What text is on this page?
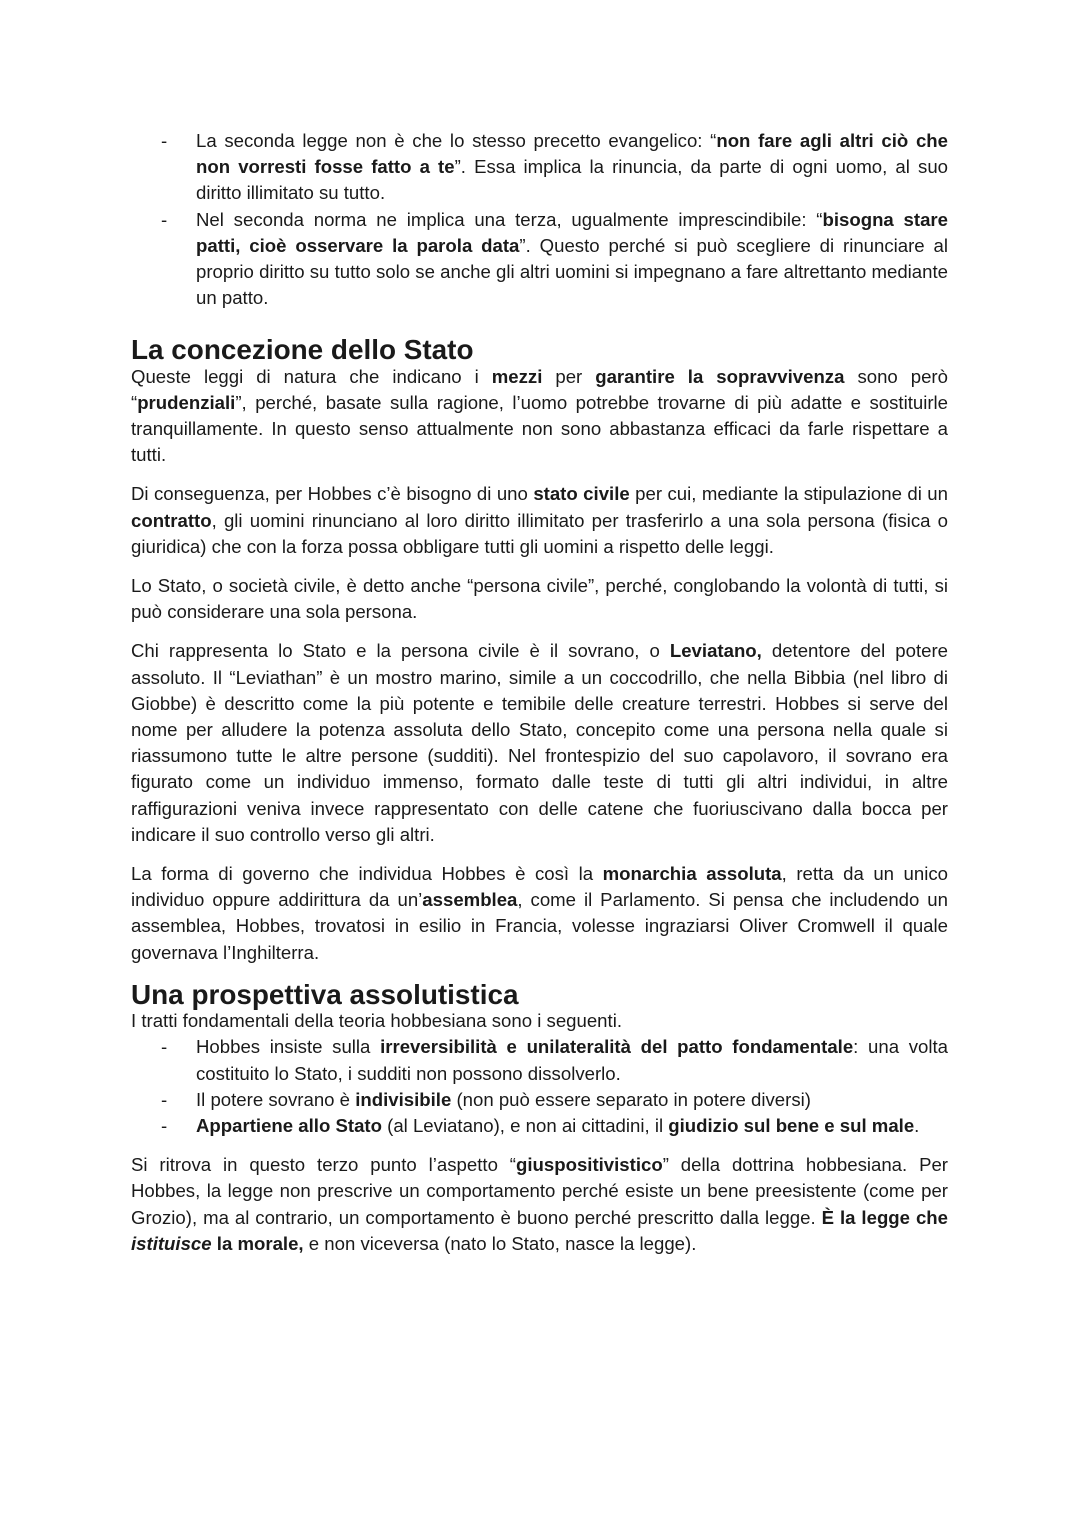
- La seconda legge non è che lo stesso precetto evangelico: “non fare agli altri ciò che non vorresti fosse fatto a te”. Essa implica la rinuncia, da parte di ogni uomo, al suo diritto illimitato su tutto.
- Nel seconda norma ne implica una terza, ugualmente imprescindibile: “bisogna stare patti, cioè osservare la parola data”. Questo perché si può scegliere di rinunciare al proprio diritto su tutto solo se anche gli altri uomini si impegnano a fare altrettanto mediante un patto.
La concezione dello Stato

Queste leggi di natura che indicano i mezzi per garantire la sopravvivenza sono però “prudenziali”, perché, basate sulla ragione, l’uomo potrebbe trovarne di più adatte e sostituirle tranquillamente. In questo senso attualmente non sono abbastanza efficaci da farle rispettare a tutti.

Di conseguenza, per Hobbes c’è bisogno di uno stato civile per cui, mediante la stipulazione di un contratto, gli uomini rinunciano al loro diritto illimitato per trasferirlo a una sola persona (fisica o giuridica) che con la forza possa obbligare tutti gli uomini a rispetto delle leggi.

Lo Stato, o società civile, è detto anche “persona civile”, perché, conglobando la volontà di tutti, si può considerare una sola persona.

Chi rappresenta lo Stato e la persona civile è il sovrano, o Leviatano, detentore del potere assoluto. Il “Leviathan” è un mostro marino, simile a un coccodrillo, che nella Bibbia (nel libro di Giobbe) è descritto come la più potente e temibile delle creature terrestri. Hobbes si serve del nome per alludere la potenza assoluta dello Stato, concepito come una persona nella quale si riassumono tutte le altre persone (sudditi). Nel frontespizio del suo capolavoro, il sovrano era figurato come un individuo immenso, formato dalle teste di tutti gli altri individui, in altre raffigurazioni veniva invece rappresentato con delle catene che fuoriuscivano dalla bocca per indicare il suo controllo verso gli altri.

La forma di governo che individua Hobbes è così la monarchia assoluta, retta da un unico individuo oppure addirittura da un’assemblea, come il Parlamento. Si pensa che includendo un assemblea, Hobbes, trovatosi in esilio in Francia, volesse ingraziarsi Oliver Cromwell il quale governava l’Inghilterra.

Una prospettiva assolutistica

I tratti fondamentali della teoria hobbesiana sono i seguenti.

- Hobbes insiste sulla irreversibilità e unilateralità del patto fondamentale: una volta costituito lo Stato, i sudditi non possono dissolverlo.
- Il potere sovrano è indivisibile (non può essere separato in potere diversi)
- Appartiene allo Stato (al Leviatano), e non ai cittadini, il giudizio sul bene e sul male.

Si ritrova in questo terzo punto l’aspetto “giuspositivistico” della dottrina hobbesiana. Per Hobbes, la legge non prescrive un comportamento perché esiste un bene preesistente (come per Grozio), ma al contrario, un comportamento è buono perché prescritto dalla legge. È la legge che istituisce la morale, e non viceversa (nato lo Stato, nasce la legge).
